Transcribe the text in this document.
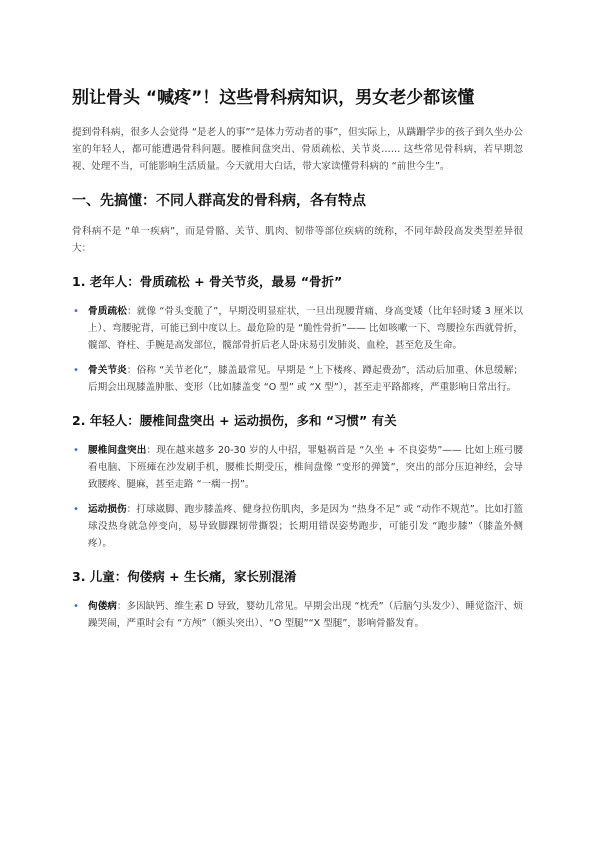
别让骨头 “喊疼”！这些骨科病知识，男女老少都该懂

提到骨科病，很多人会觉得 “是老人的事”“是体力劳动者的事”，但实际上，从蹒跚学步的孩子到久坐办公室的年轻人，都可能遭遇骨科问题。腰椎间盘突出、骨质疏松、关节炎…… 这些常见骨科病，若早期忽视、处理不当，可能影响生活质量。今天就用大白话，带大家读懂骨科病的 “前世今生”。

一、先搞懂：不同人群高发的骨科病，各有特点

骨科病不是 “单一疾病”，而是骨骼、关节、肌肉、韧带等部位疾病的统称，不同年龄段高发类型差异很大：

1. 老年人：骨质疏松 + 骨关节炎，最易 “骨折”
• 骨质疏松：就像 “骨头变脆了”，早期没明显症状，一旦出现腰背痛、身高变矮（比年轻时矮 3 厘米以上）、弯腰驼背，可能已到中度以上。最危险的是 “脆性骨折”—— 比如咳嗽一下、弯腰捡东西就骨折，髋部、脊柱、手腕是高发部位，髋部骨折后老人卧床易引发肺炎、血栓，甚至危及生命。
• 骨关节炎：俗称 “关节老化”，膝盖最常见。早期是 “上下楼疼、蹲起费劲”，活动后加重、休息缓解；后期会出现膝盖肿胀、变形（比如膝盖变 “O 型” 或 “X 型”），甚至走平路都疼，严重影响日常出行。
2. 年轻人：腰椎间盘突出 + 运动损伤，多和 “习惯” 有关
• 腰椎间盘突出：现在越来越多 20-30 岁的人中招，罪魁祸首是 “久坐 + 不良姿势”—— 比如上班弓腰看电脑、下班瘫在沙发刷手机，腰椎长期受压，椎间盘像 “变形的弹簧”，突出的部分压迫神经，会导致腰疼、腿麻，甚至走路 “一瘸一拐”。
• 运动损伤：打球崴脚、跑步膝盖疼、健身拉伤肌肉，多是因为 “热身不足” 或 “动作不规范”。比如打篮球没热身就急停变向，易导致脚踝韧带撕裂；长期用错误姿势跑步，可能引发 “跑步膝”（膝盖外侧疼）。
3. 儿童：佝偻病 + 生长痛，家长别混淆
• 佝偻病：多因缺钙、维生素 D 导致，婴幼儿常见。早期会出现 “枕秃”（后脑勺头发少）、睡觉盗汗、烦躁哭闹，严重时会有 “方颅”（额头突出）、“O 型腿”“X 型腿”，影响骨骼发育。
